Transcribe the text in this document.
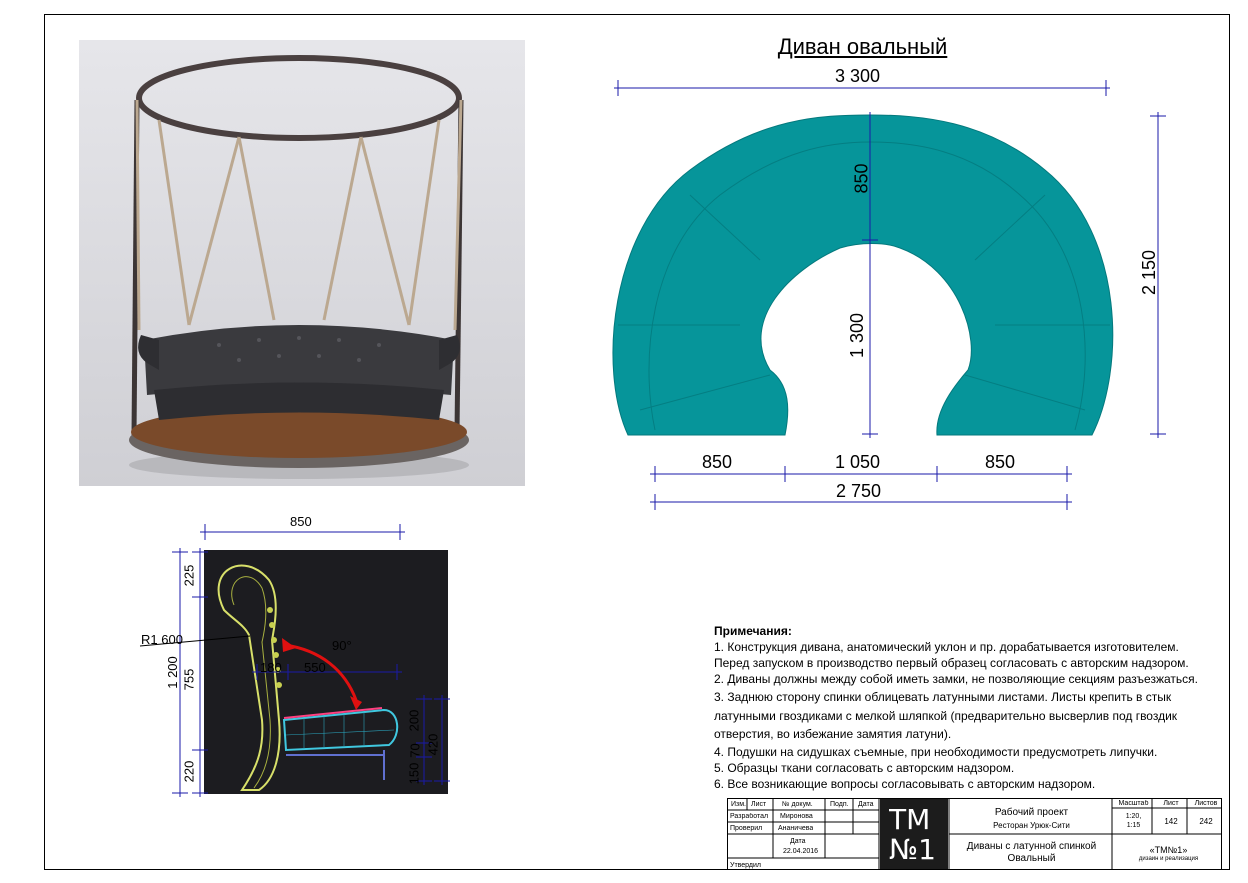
Диван овальный
3 300
2 150
850
1 300
850	1 050	850
2 750
850
225
R1 600
1 200 755
220
90°
180 550
200
420
150
70
Примечания:
1. Конструкция дивана, анатомический уклон и пр. дорабатывается изготовителем.
Перед запуском в производство первый образец согласовать с авторским надзором.
2. Диваны должны между собой иметь замки, не позволяющие секциям разъезжаться.
3. Заднюю сторону спинки облицевать латунными листами. Листы крепить в стык
латунными гвоздиками с мелкой шляпкой (предварительно высверлив под гвоздик
отверстия, во избежание замятия латуни).
4. Подушки на сидушках съемные, при необходимости предусмотреть липучки.
5. Образцы ткани согласовать с авторским надзором.
6. Все возникающие вопросы согласовывать с авторским надзором.
Изм. Лист № докум. Подп. Дата
Разработал Миронова
Проверил Ананичева
Дата
22.04.2016
Утвердил
TM
№1
Рабочий проект
Ресторан Урюк-Сити
Диваны с латунной спинкой
Овальный
Масштаб
1:20,
1:15
Лист
142
Листов
242
«ТМ№1»
дизайн и реализация
